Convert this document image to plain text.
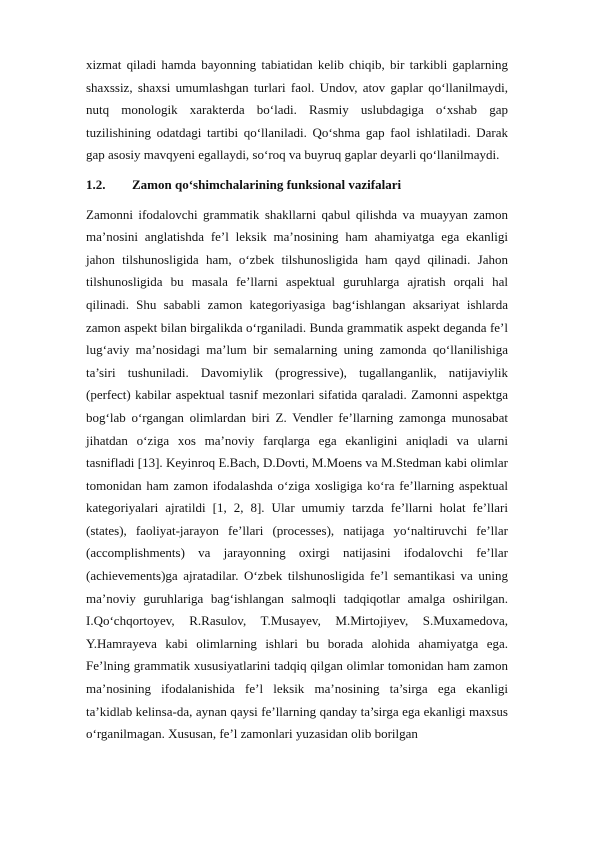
xizmat qiladi hamda bayonning tabiatidan kelib chiqib, bir tarkibli gaplarning shaxssiz, shaxsi umumlashgan turlari faol. Undov, atov gaplar qo‘llanilmaydi, nutq monologik xarakterda bo‘ladi. Rasmiy uslubdagiga o‘xshab gap tuzilishining odatdagi tartibi qo‘llaniladi. Qo‘shma gap faol ishlatiladi. Darak gap asosiy mavqyeni egallaydi, so‘roq va buyruq gaplar deyarli qo‘llanilmaydi.

1.2.	Zamon qo‘shimchalarining funksional vazifalari

Zamonni ifodalovchi grammatik shakllarni qabul qilishda va muayyan zamon ma’nosini anglatishda fe’l leksik ma’nosining ham ahamiyatga ega ekanligi jahon tilshunosligida ham, o‘zbek tilshunosligida ham qayd qilinadi. Jahon tilshunosligida bu masala fe’llarni aspektual guruhlarga ajratish orqali hal qilinadi. Shu sababli zamon kategoriyasiga bag‘ishlangan aksariyat ishlarda zamon aspekt bilan birgalikda o‘rganiladi. Bunda grammatik aspekt deganda fe’l lug‘aviy ma’nosidagi ma’lum bir semalarning uning zamonda qo‘llanilishiga ta’siri tushuniladi. Davomiylik (progressive), tugallanganlik, natijaviylik (perfect) kabilar aspektual tasnif mezonlari sifatida qaraladi. Zamonni aspektga bog‘lab o‘rgangan olimlardan biri Z. Vendler fe’llarning zamonga munosabat jihatdan o‘ziga xos ma’noviy farqlarga ega ekanligini aniqladi va ularni tasnifladi [13]. Keyinroq E.Bach, D.Dovti, M.Moens va M.Stedman kabi olimlar tomonidan ham zamon ifodalashda o‘ziga xosligiga ko‘ra fe’llarning aspektual kategoriyalari ajratildi [1, 2, 8]. Ular umumiy tarzda fe’llarni holat fe’llari (states), faoliyat-jarayon fe’llari (processes), natijaga yo‘naltiruvchi fe’llar (accomplishments) va jarayonning oxirgi natijasini ifodalovchi fe’llar (achievements)ga ajratadilar. O‘zbek tilshunosligida fe’l semantikasi va uning ma’noviy guruhlariga bag‘ishlangan salmoqli tadqiqotlar amalga oshirilgan. I.Qo‘chqortoyev, R.Rasulov, T.Musayev, M.Mirtojiyev, S.Muxamedova, Y.Hamrayeva kabi olimlarning ishlari bu borada alohida ahamiyatga ega. Fe’lning grammatik xususiyatlarini tadqiq qilgan olimlar tomonidan ham zamon ma’nosining ifodalanishida fe’l leksik ma’nosining ta’sirga ega ekanligi ta’kidlab kelinsa-da, aynan qaysi fe’llarning qanday ta’sirga ega ekanligi maxsus o‘rganilmagan. Xususan, fe’l zamonlari yuzasidan olib borilgan
